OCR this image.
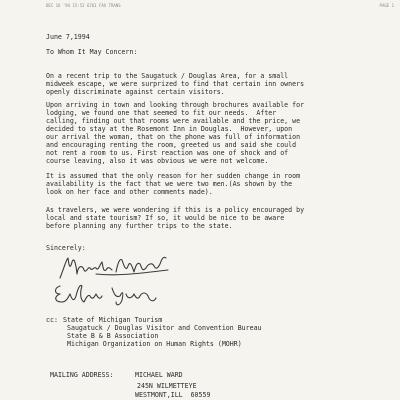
DEC 16 '94 15:52 6761 FAX TRANS	PAGE 1
June 7,1994
To Whom It May Concern:
On a recent trip to the Saugatuck / Douglas Area, for a small
midweek escape, we were surprized to find that certain inn owners
openly discriminate against certain visitors.
Upon arriving in town and looking through brochures available for
lodging, we found one that seemed to fit our needs.  After
calling, finding out that rooms were available and the price, we
decided to stay at the Rosemont Inn in Douglas.  However, upon
our arrival the woman, that on the phone was full of information
and encouraging renting the room, greeted us and said she could
not rent a room to us. First reaction was one of shock and of
course leaving, also it was obvious we were not welcome.
It is assumed that the only reason for her sudden change in room
availability is the fact that we were two men.(As shown by the
look on her face and other comments made).
As travelers, we were wondering if this is a policy encouraged by
local and state tourism? If so, it would be nice to be aware
before planning any further trips to the state.
Sincerely:
cc: State of Michigan Tourism
Saugatuck / Douglas Visitor and Convention Bureau
State B & B Association
Michigan Organization on Human Rights (MOHR)
MAILING ADDRESS:	MICHAEL WARD
245N WILMETTEYE
WESTMONT,ILL  60559
